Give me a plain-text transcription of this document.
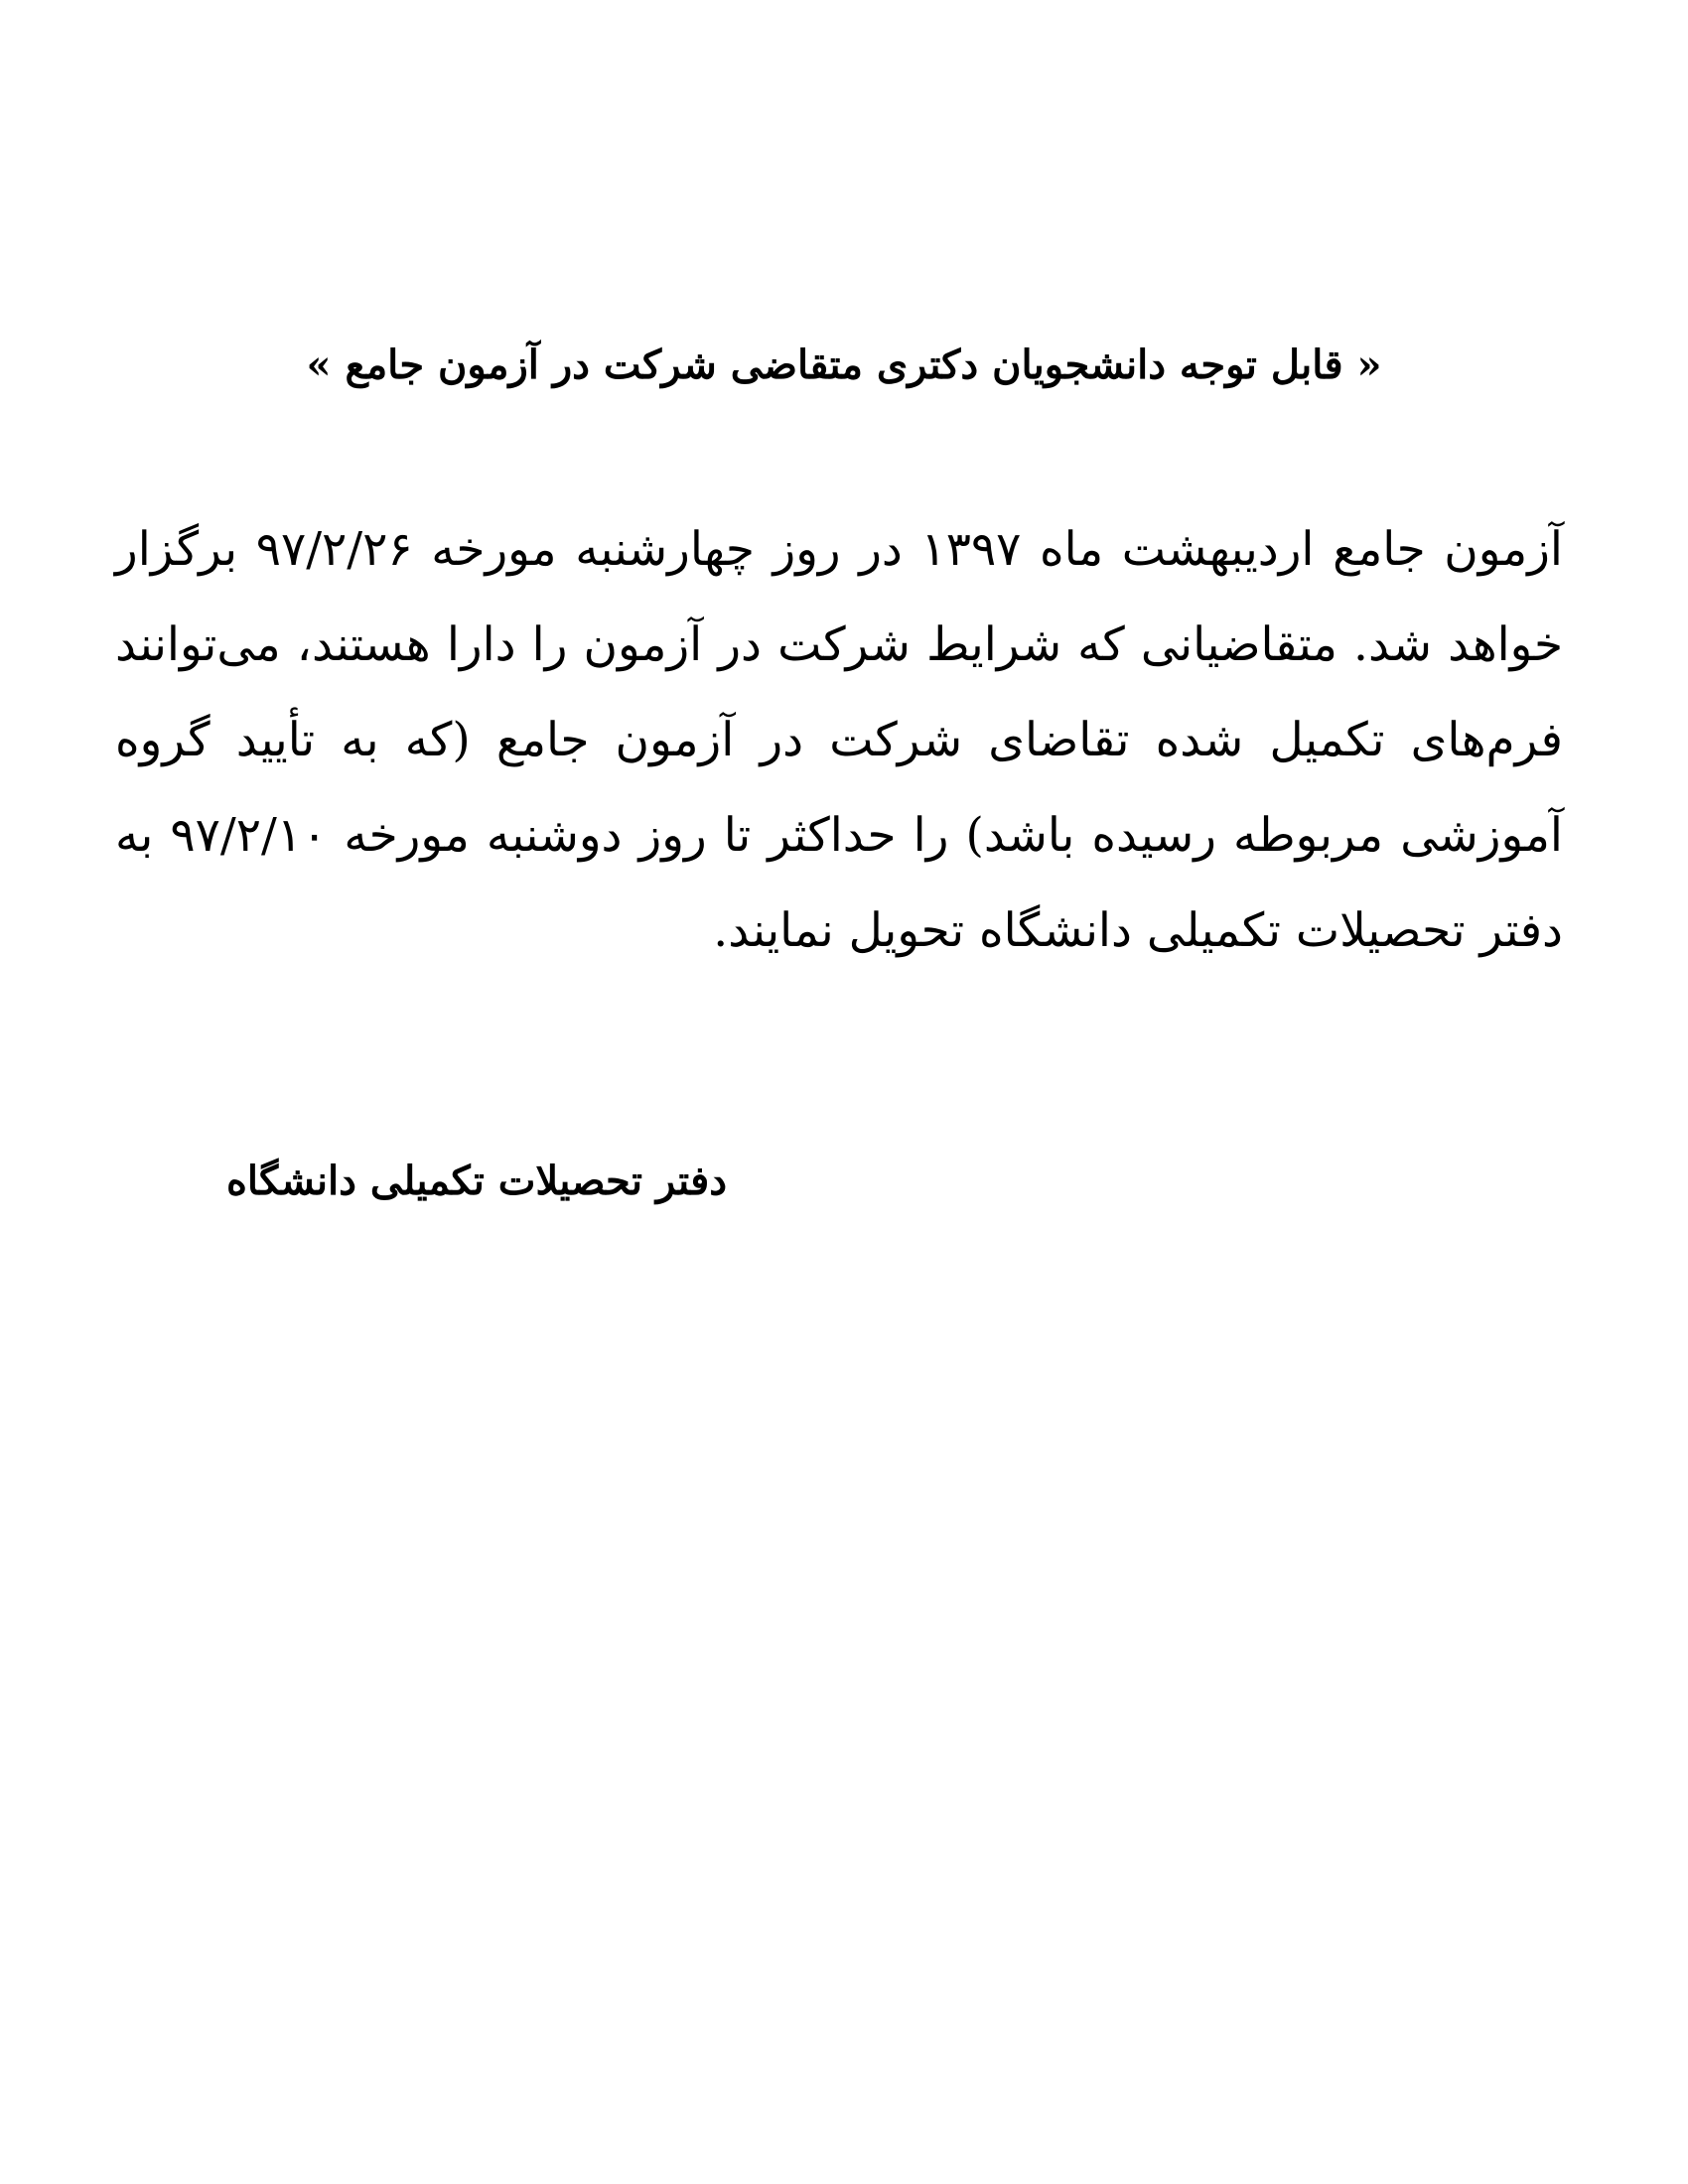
« قابل توجه دانشجویان دکتری متقاضی شرکت در آزمون جامع »
آزمون جامع اردیبهشت ماه ۱۳۹۷ در روز چهارشنبه مورخه ۹۷/۲/۲۶ برگزار خواهد شد. متقاضیانی که شرایط شرکت در آزمون را دارا هستند، می‌توانند فرم‌های تکمیل شده تقاضای شرکت در آزمون جامع (که به تأیید گروه آموزشی مربوطه رسیده باشد) را حداکثر تا روز دوشنبه مورخه ۹۷/۲/۱۰ به دفتر تحصیلات تکمیلی دانشگاه تحویل نمایند.
دفتر تحصیلات تکمیلی دانشگاه
